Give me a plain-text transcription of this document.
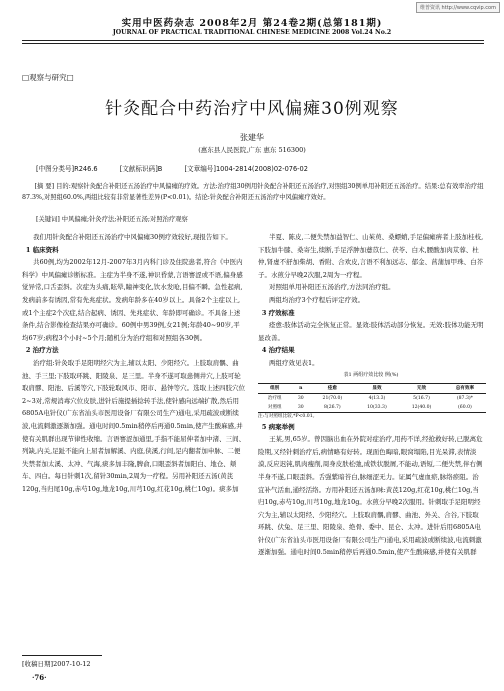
维普资讯 http://www.cqvip.com
实用中医药杂志 2008年2月 第24卷2期(总第181期)
JOURNAL OF PRACTICAL TRADITIONAL CHINESE MEDICINE 2008 Vol.24 No.2
□观察与研究□
针灸配合中药治疗中风偏瘫30例观察
张建华
(惠东县人民医院,广东 惠东 516300)
[中图分类号]R246.6	[文献标识码]B	[文章编号]1004-2814(2008)02-076-02
[摘 要] 目的:观察针灸配合补阳还五汤治疗中风偏瘫的疗效。方法:治疗组30例用针灸配合补阳还五汤治疗,对照组30例单用补阳还五汤治疗。结果:总有效率治疗组87.3%,对照组60.0%,两组比较有非常显著性差异(P<0.01)。结论:针灸配合补阳还五汤治疗中风偏瘫疗效好。
[关键词] 中风偏瘫;针灸疗法;补阳还五汤;对照治疗观察

我们用针灸配合补阳还五汤治疗中风偏瘫30例疗效较好,现报告如下。

1 临床资料

共60例,均为2002年12月-2007年3月内科门诊及住院患者,符合《中医内科学》中风偏瘫诊断标准。主症为半身不遂,神识昏蒙,言语謇涩或不语,偏身感觉异常,口舌歪斜。次症为头痛,眩晕,瞳神变化,饮水发呛,目偏不瞬。急性起病,发病前多有诱因,常有先兆症状。发病年龄多在40岁以上。具备2个主症以上,或1个主症2个次症,结合起病、诱因、先兆症状、年龄即可确诊。不具备上述条件,结合影像检查结果亦可确诊。60例中男39例,女21例;年龄40~90岁,平均67岁;病程3个小时~5个月;随机分为治疗组和对照组各30例。

2 治疗方法

治疗组:针灸取手足阳明经穴为主,辅以太阳、少阳经穴。上肢取肩髃、曲池、手三里;下肢取环跳、阳陵泉、足三里。半身不遂可取患侧井穴,上肢可轮取肩髎、阳池、后溪等穴,下肢轮取风市、阳市、悬钟等穴。选取上述四肢穴位2~3对,常规消毒穴位皮肤,进针后施提插捻转手法,使针感向远端扩散,然后用6805A电针仪(广东省汕头市医用设备厂有限公司生产)通电,采用疏波或断续波,电流刺激逐渐加强。通电时间0.5min稍停后再通0.5min,使产生酸麻感,并使有关肌群出现节律性收缩。言语謇涩加通里,手指不能屈伸者加中渚、三间、列缺,内关,足趾不能向上屈者加解溪、内庭,侠溪,行间,足内翻者加申脉、二便失禁者加太溪、太冲、气海,痰多加丰隆,脾俞,口眼歪斜者加阳白、地仓、颊车、四白。每日针刺1次,留针30min,2周为一疗程。另用补阳还五汤(黄芪120g,当归尾10g,赤芍10g,地龙10g,川芎10g,红花10g,桃仁10g)。痰多加

半夏、陈皮,二便失禁加益智仁、山茱萸、桑螵蛸,手足偏瘫痹者上肢加桂枝,下肢加牛膝、桑寄生,续断,手足浮肿加薏苡仁、茯苓、白术,腰酸加肉苁蓉、杜仲,肾虚不舒加柴胡、香附、合欢皮,言语不利加远志、郁金、菖蒲加甲珠、白芥子。水煎分早晚2次服,2周为一疗程。

对照组单用补阳还五汤治疗,方法同治疗组。

两组均治疗3个疗程后评定疗效。

3 疗效标准

痊愈:肢体活动完全恢复正常。显效:肢体活动部分恢复。无效:肢体功能无明显改善。

4 治疗结果

两组疗效见表1。

表1 两组疗效比较 例(%)
组别	n	痊愈	显效	无效	总有效率
治疗组	30	21(70.0)	4(13.3)	5(16.7)	(87.3)*
对照组	30	8(26.7)	10(33.3)	12(40.0)	(60.0)
注:与对照组比较,*P<0.01。

5 病案举例

王某,男,65岁。曾因脑出血在外院对症治疗,用药不详,经抢救好转,已脱离危险期,又经针刺治疗后,病情略有好转。现面色晦暗,眼窝塌陷,目光呆滞,表情淡漠,反应迟钝,肌肉瘦削,周身皮肤松弛,成铁状脱屑,不能动,语短,二便失禁,伴右侧半身不遂,口眼歪斜。舌强紫暗苔白,脉细涩无力。证属气虚血瘀,脉络瘀阻。治宜补气活血,通经活络。方用补阳还五汤加味:黄芪120g,红花10g,桃仁10g,当归10g,赤芍10g,川芎10g,地龙10g。水煎分早晚2次服用。针刺取手足阳明经穴为主,辅以太阳经、少阳经穴。上肢取肩髃,肩髎、曲池、外关、合谷,下肢取环跳、伏兔、足三里、阳陵泉、绝骨、委中、昆仑、太冲。进针后用6805A电针仪(广东省汕头市医用设备厂有限公司生产)通电,采用疏波或断续波,电流刺激逐渐加强。通电时间0.5min稍停后再通0.5min,使产生酸麻感,并使有关肌群

[收稿日期]2007-10-12
·76·
